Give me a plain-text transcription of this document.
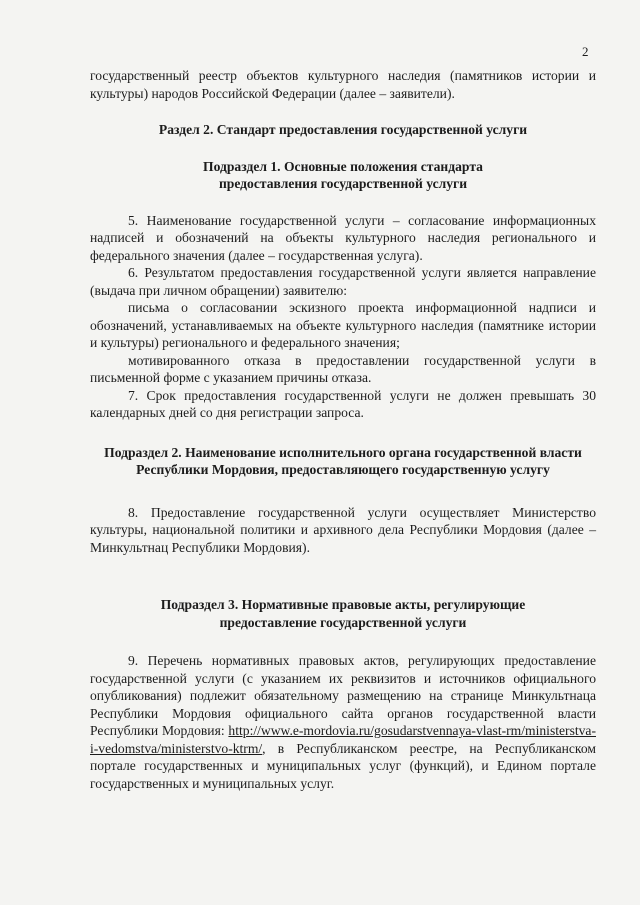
2

государственный реестр объектов культурного наследия (памятников истории и культуры) народов Российской Федерации (далее – заявители).

Раздел 2. Стандарт предоставления государственной услуги

Подраздел 1. Основные положения стандарта
предоставления государственной услуги

5. Наименование государственной услуги – согласование информационных надписей и обозначений на объекты культурного наследия регионального и федерального значения (далее – государственная услуга).

6. Результатом предоставления государственной услуги является направление (выдача при личном обращении) заявителю:

письма о согласовании эскизного проекта информационной надписи и обозначений, устанавливаемых на объекте культурного наследия (памятнике истории и культуры) регионального и федерального значения;

мотивированного отказа в предоставлении государственной услуги в письменной форме с указанием причины отказа.

7. Срок предоставления государственной услуги не должен превышать 30 календарных дней со дня регистрации запроса.

Подраздел 2. Наименование исполнительного органа государственной власти Республики Мордовия, предоставляющего государственную услугу

8. Предоставление государственной услуги осуществляет Министерство культуры, национальной политики и архивного дела Республики Мордовия (далее – Минкультнац Республики Мордовия).

Подраздел 3. Нормативные правовые акты, регулирующие
предоставление государственной услуги

9. Перечень нормативных правовых актов, регулирующих предоставление государственной услуги (с указанием их реквизитов и источников официального опубликования) подлежит обязательному размещению на странице Минкультнаца Республики Мордовия официального сайта органов государственной власти Республики Мордовия: http://www.e-mordovia.ru/gosudarstvennaya-vlast-rm/ministerstva-i-vedomstva/ministerstvo-ktrm/, в Республиканском реестре, на Республиканском портале государственных и муниципальных услуг (функций), и Едином портале государственных и муниципальных услуг.
